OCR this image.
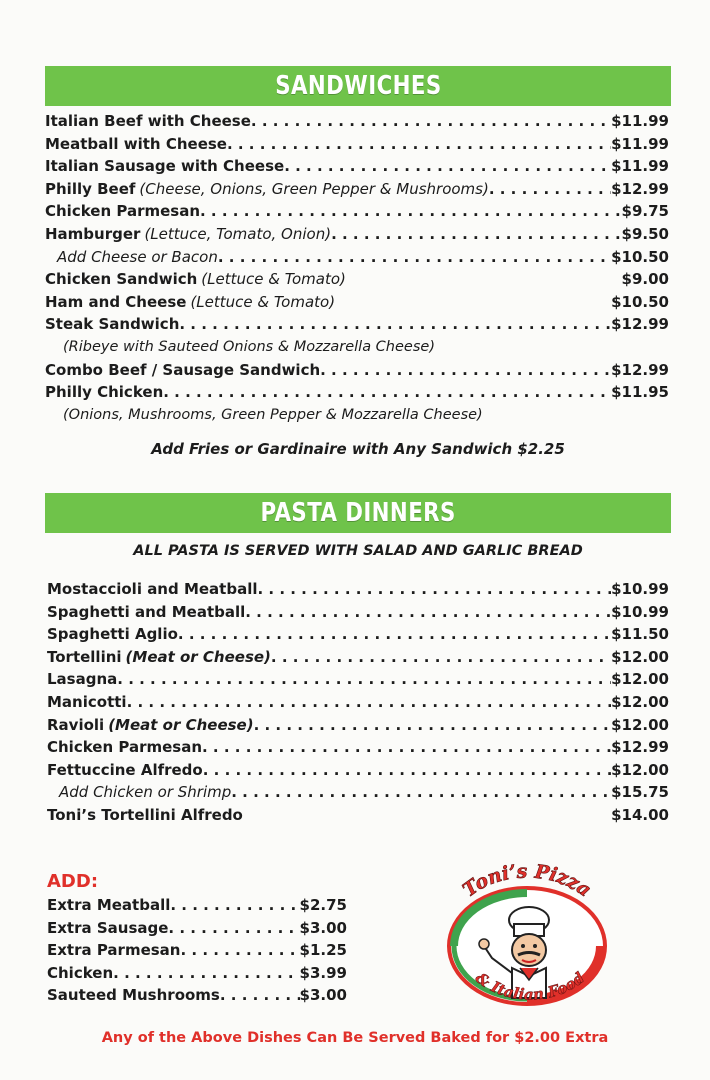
SANDWICHES
Italian Beef with Cheese . . .	$11.99
Meatball with Cheese . . .	$11.99
Italian Sausage with Cheese . . .	$11.99
Philly Beef (Cheese, Onions, Green Pepper & Mushrooms) . . .	$12.99
Chicken Parmesan . . .	$9.75
Hamburger (Lettuce, Tomato, Onion) . . .	$9.50
Add Cheese or Bacon . . .	$10.50
Chicken Sandwich (Lettuce & Tomato)	$9.00
Ham and Cheese (Lettuce & Tomato)	$10.50
Steak Sandwich . . .	$12.99
(Ribeye with Sauteed Onions & Mozzarella Cheese)
Combo Beef / Sausage Sandwich . . .	$12.99
Philly Chicken . . .	$11.95
(Onions, Mushrooms, Green Pepper & Mozzarella Cheese)
Add Fries or Gardinaire with Any Sandwich $2.25
PASTA DINNERS
ALL PASTA IS SERVED WITH SALAD AND GARLIC BREAD
Mostaccioli and Meatball . . .	$10.99
Spaghetti and Meatball . . .	$10.99
Spaghetti Aglio . . .	$11.50
Tortellini (Meat or Cheese) . . .	$12.00
Lasagna . . .	$12.00
Manicotti . . .	$12.00
Ravioli (Meat or Cheese) . . .	$12.00
Chicken Parmesan . . .	$12.99
Fettuccine Alfredo . . .	$12.00
Add Chicken or Shrimp . . .	$15.75
Toni’s Tortellini Alfredo	$14.00
ADD:
Extra Meatball . . .	$2.75
Extra Sausage . . .	$3.00
Extra Parmesan . . .	$1.25
Chicken . . .	$3.99
Sauteed Mushrooms . . .	$3.00
Toni’s Pizza
& Italian Food
Any of the Above Dishes Can Be Served Baked for $2.00 Extra
